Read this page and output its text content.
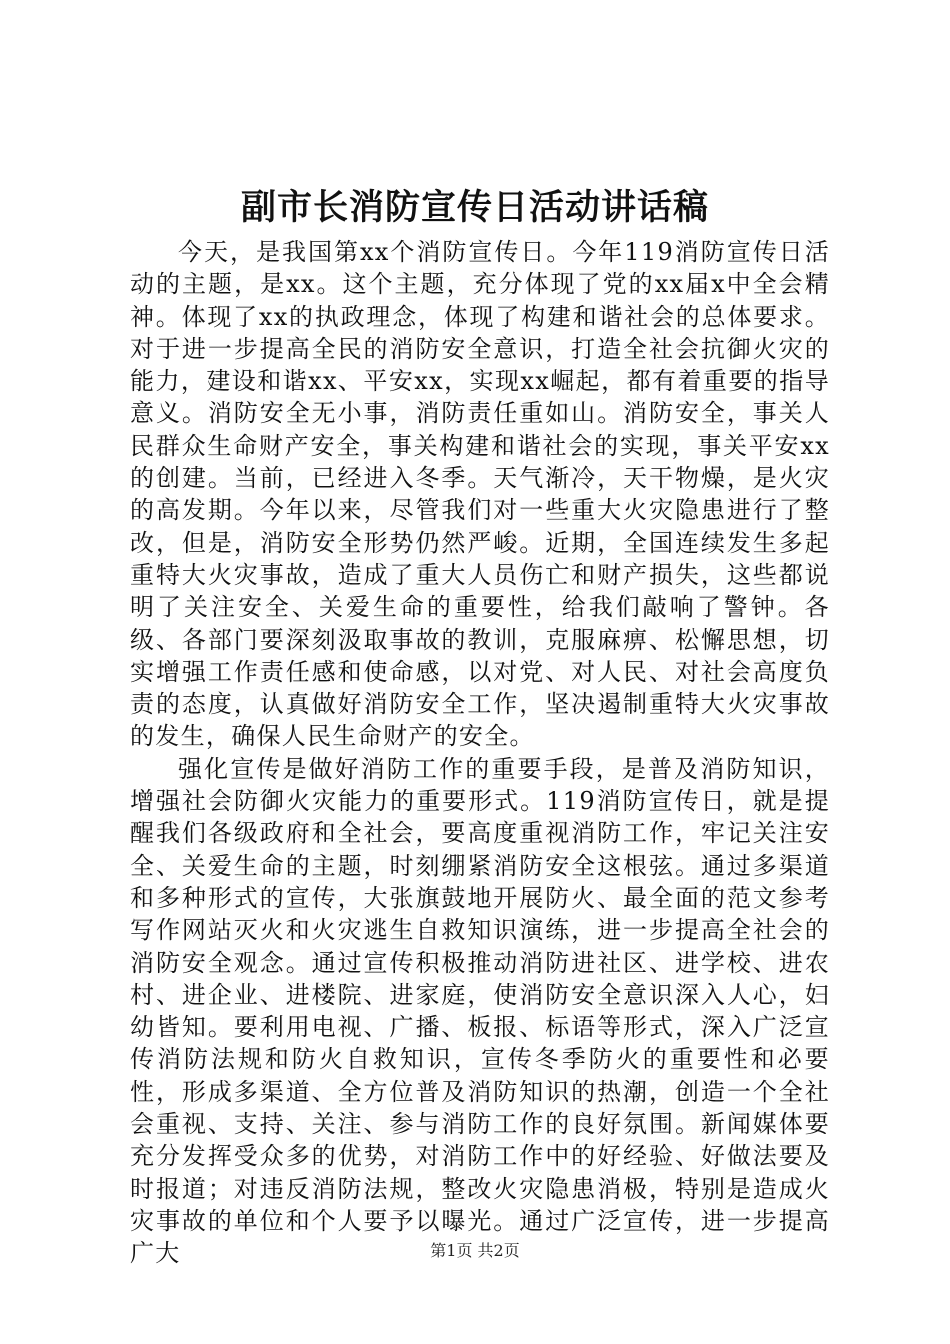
副市长消防宣传日活动讲话稿

今天，是我国第xx个消防宣传日。今年119消防宣传日活动的主题，是xx。这个主题，充分体现了党的xx届x中全会精神。体现了xx的执政理念，体现了构建和谐社会的总体要求。对于进一步提高全民的消防安全意识，打造全社会抗御火灾的能力，建设和谐xx、平安xx，实现xx崛起，都有着重要的指导意义。消防安全无小事，消防责任重如山。消防安全，事关人民群众生命财产安全，事关构建和谐社会的实现，事关平安xx的创建。当前，已经进入冬季。天气渐冷，天干物燥，是火灾的高发期。今年以来，尽管我们对一些重大火灾隐患进行了整改，但是，消防安全形势仍然严峻。近期，全国连续发生多起重特大火灾事故，造成了重大人员伤亡和财产损失，这些都说明了关注安全、关爱生命的重要性，给我们敲响了警钟。各级、各部门要深刻汲取事故的教训，克服麻痹、松懈思想，切实增强工作责任感和使命感，以对党、对人民、对社会高度负责的态度，认真做好消防安全工作，坚决遏制重特大火灾事故的发生，确保人民生命财产的安全。

强化宣传是做好消防工作的重要手段，是普及消防知识，增强社会防御火灾能力的重要形式。119消防宣传日，就是提醒我们各级政府和全社会，要高度重视消防工作，牢记关注安全、关爱生命的主题，时刻绷紧消防安全这根弦。通过多渠道和多种形式的宣传，大张旗鼓地开展防火、最全面的范文参考写作网站灭火和火灾逃生自救知识演练，进一步提高全社会的消防安全观念。通过宣传积极推动消防进社区、进学校、进农村、进企业、进楼院、进家庭，使消防安全意识深入人心，妇幼皆知。要利用电视、广播、板报、标语等形式，深入广泛宣传消防法规和防火自救知识，宣传冬季防火的重要性和必要性，形成多渠道、全方位普及消防知识的热潮，创造一个全社会重视、支持、关注、参与消防工作的良好氛围。新闻媒体要充分发挥受众多的优势，对消防工作中的好经验、好做法要及时报道；对违反消防法规，整改火灾隐患消极，特别是造成火灾事故的单位和个人要予以曝光。通过广泛宣传，进一步提高广大	第1页 共2页
